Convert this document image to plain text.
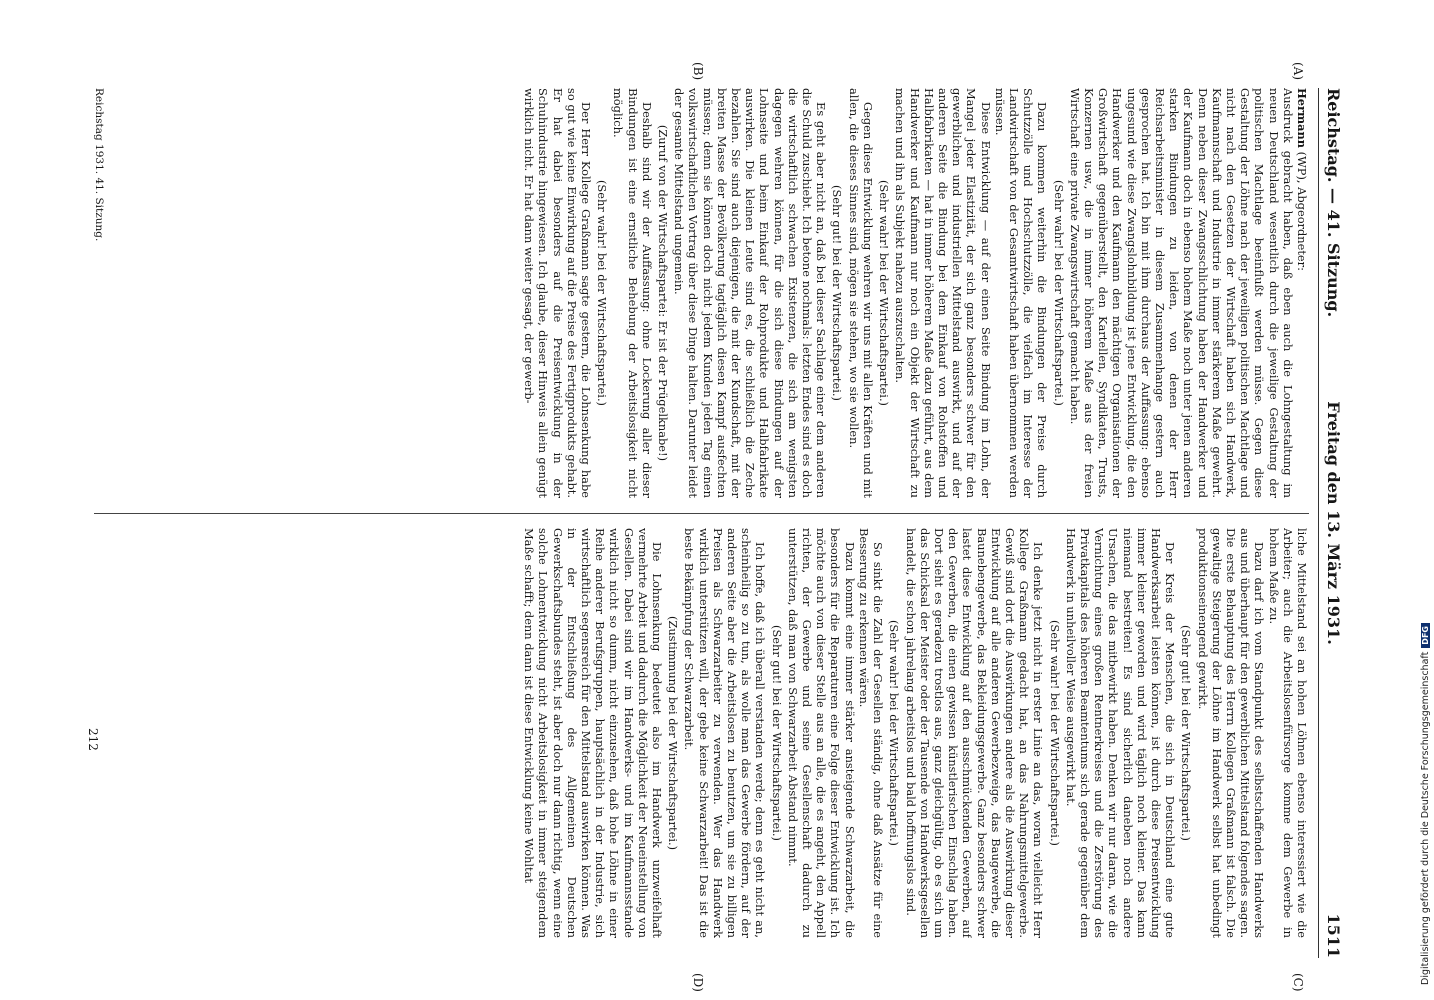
Reichstag. — 41. Sitzung.
Freitag den 13. März 1931.
1511
(A)
(B)
(C)
(D)

Hermann (WP), Abgeordneter:

Ausdruck gebracht haben, daß eben auch die Lohngestaltung im neuen Deutschland wesentlich durch die jeweilige Gestaltung der politischen Machtlage beeinflußt werden müsse. Gegen diese Gestaltung der Löhne nach der jeweiligen politischen Machtlage und nicht nach den Gesetzen der Wirtschaft haben sich Handwerk, Kaufmannschaft und Industrie in immer stärkerem Maße gewehrt. Denn neben dieser Zwangsschlichtung haben der Handwerker und der Kaufmann doch in ebenso hohem Maße noch unter jenen anderen starken Bindungen zu leiden, von denen der Herr Reichsarbeitsminister in diesem Zusammenhange gestern auch gesprochen hat. Ich bin mit ihm durchaus der Auffassung: ebenso ungesund wie diese Zwangslohnbildung ist jene Entwicklung, die den Handwerker und den Kaufmann den mächtigen Organisationen der Großwirtschaft gegenüberstellt, den Kartellen, Syndikaten, Trusts, Konzernen usw., die in immer höherem Maße aus der freien Wirtschaft eine private Zwangswirtschaft gemacht haben.

(Sehr wahr! bei der Wirtschaftspartei.)

Dazu kommen weiterhin die Bindungen der Preise durch Schutzzölle und Hochschutzzölle, die vielfach im Interesse der Landwirtschaft von der Gesamtwirtschaft haben übernommen werden müssen.

Diese Entwicklung — auf der einen Seite Bindung im Lohn, der Mangel jeder Elastizität, der sich ganz besonders schwer für den gewerblichen und industriellen Mittelstand auswirkt, und auf der anderen Seite die Bindung bei dem Einkauf von Rohstoffen und Halbfabrikaten — hat in immer höherem Maße dazu geführt, aus dem Handwerker und Kaufmann nur noch ein Objekt der Wirtschaft zu machen und ihn als Subjekt nahezu auszuschalten.

(Sehr wahr! bei der Wirtschaftspartei.)

Gegen diese Entwicklung wehren wir uns mit allen Kräften und mit allen, die dieses Sinnes sind, mögen sie stehen, wo sie wollen.

(Sehr gut! bei der Wirtschaftspartei.)

Es geht aber nicht an, daß bei dieser Sachlage einer dem anderen die Schuld zuschiebt. Ich betone nochmals: letzten Endes sind es doch die wirtschaftlich schwachen Existenzen, die sich am wenigsten dagegen wehren können, für die sich diese Bindungen auf der Lohnseite und beim Einkauf der Rohprodukte und Halbfabrikate auswirken. Die kleinen Leute sind es, die schließlich die Zeche bezahlen. Sie sind auch diejenigen, die mit der Kundschaft, mit der breiten Masse der Bevölkerung tagtäglich diesen Kampf ausfechten müssen; denn sie können doch nicht jedem Kunden jeden Tag einen volkswirtschaftlichen Vortrag über diese Dinge halten. Darunter leidet der gesamte Mittelstand ungemein.

(Zuruf von der Wirtschaftspartei: Er ist der Prügelknabe!)

Deshalb sind wir der Auffassung: ohne Lockerung aller dieser Bindungen ist eine ernstliche Behebung der Arbeitslosigkeit nicht möglich.

(Sehr wahr! bei der Wirtschaftspartei.)

Der Herr Kollege Graßmann sagte gestern, die Lohnsenkung habe so gut wie keine Einwirkung auf die Preise des Fertigprodukts gehabt. Er hat dabei besonders auf die Preisentwicklung in der Schuhindustrie hingewiesen. Ich glaube, dieser Hinweis allein genügt wirklich nicht. Er hat dann weiter gesagt, der gewerb-

liche Mittelstand sei an hohen Löhnen ebenso interessiert wie die Arbeiter; auch die Arbeitslosenfürsorge komme dem Gewerbe in hohem Maße zu.

Dazu darf ich vom Standpunkt des selbstschaffenden Handwerks aus und überhaupt für den gewerblichen Mittelstand folgendes sagen. Die erste Behauptung des Herrn Kollegen Graßmann ist falsch. Die gewaltige Steigerung der Löhne im Handwerk selbst hat unbedingt produktionseinengend gewirkt.

(Sehr gut! bei der Wirtschaftspartei.)

Der Kreis der Menschen, die sich in Deutschland eine gute Handwerksarbeit leisten können, ist durch diese Preisentwicklung immer kleiner geworden und wird täglich noch kleiner. Das kann niemand bestreiten! Es sind sicherlich daneben noch andere Ursachen, die das mitbewirkt haben. Denken wir nur daran, wie die Vernichtung eines großen Rentnerkreises und die Zerstörung des Privatkapitals des höheren Beamtentums sich gerade gegenüber dem Handwerk in unheilvoller Weise ausgewirkt hat.

(Sehr wahr! bei der Wirtschaftspartei.)

Ich denke jetzt nicht in erster Linie an das, woran vielleicht Herr Kollege Graßmann gedacht hat, an das Nahrungsmittelgewerbe. Gewiß sind dort die Auswirkungen andere als die Auswirkung dieser Entwicklung auf alle anderen Gewerbezweige, das Baugewerbe, die Baunebengewerbe, das Bekleidungsgewerbe. Ganz besonders schwer lastet diese Entwicklung auf den ausschmückenden Gewerben, auf den Gewerben, die einen gewissen künstlerischen Einschlag haben. Dort sieht es geradezu trostlos aus, ganz gleichgültig, ob es sich um das Schicksal der Meister oder der Tausende von Handwerksgesellen handelt, die schon jahrelang arbeitslos und bald hoffnungslos sind.

(Sehr wahr! bei der Wirtschaftspartei.)

So sinkt die Zahl der Gesellen ständig, ohne daß Ansätze für eine Besserung zu erkennen wären.

Dazu kommt eine immer stärker ansteigende Schwarzarbeit, die besonders für die Reparaturen eine Folge dieser Entwicklung ist. Ich möchte auch von dieser Stelle aus an alle, die es angeht, den Appell richten, der Gewerbe und seine Gesellenschaft dadurch zu unterstützen, daß man von Schwarzarbeit Abstand nimmt.

(Sehr gut! bei der Wirtschaftspartei.)

Ich hoffe, daß ich überall verstanden werde; denn es geht nicht an, scheinheilig so zu tun, als wolle man das Gewerbe fördern, auf der anderen Seite aber die Arbeitslosen zu benutzen, um sie zu billigen Preisen als Schwarzarbeiter zu verwenden. Wer das Handwerk wirklich unterstützen will, der gebe keine Schwarzarbeit! Das ist die beste Bekämpfung der Schwarzarbeit.

(Zustimmung bei der Wirtschaftspartei.)

Die Lohnsenkung bedeutet also im Handwerk unzweifelhaft vermehrte Arbeit und dadurch die Möglichkeit der Neueinstellung von Gesellen. Dabei sind wir im Handwerks- und im Kaufmannsstande wirklich nicht so dumm, nicht einzusehen, daß hohe Löhne in einer Reihe anderer Berufsgruppen, hauptsächlich in der Industrie, sich wirtschaftlich segensreich für den Mittelstand auswirken können. Was in der Entschließung des Allgemeinen Deutschen Gewerkschaftsbundes steht, ist aber doch nur dann richtig, wenn eine solche Lohnentwicklung nicht Arbeitslosigkeit in immer steigendem Maße schafft; denn dann ist diese Entwicklung keine Wohltat

Reichstag 1931. 41. Sitzung.
212	Digitalisierung gefördert durch die Deutsche ForschungsgemeinschaftDFG
